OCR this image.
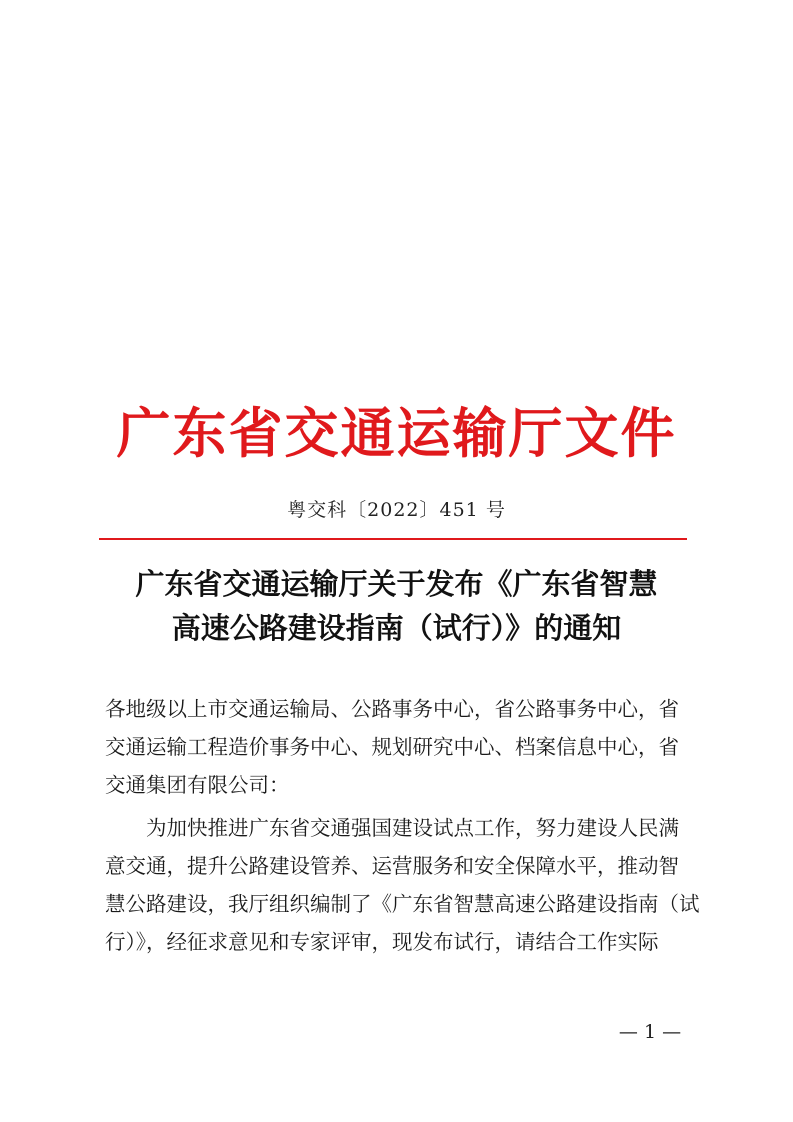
广东省交通运输厅文件
粤交科〔2022〕451 号
广东省交通运输厅关于发布《广东省智慧
高速公路建设指南（试行）》的通知
各地级以上市交通运输局、公路事务中心，省公路事务中心，省
交通运输工程造价事务中心、规划研究中心、档案信息中心，省
交通集团有限公司：
为加快推进广东省交通强国建设试点工作，努力建设人民满
意交通，提升公路建设管养、运营服务和安全保障水平，推动智
慧公路建设，我厅组织编制了《广东省智慧高速公路建设指南（试
行）》，经征求意见和专家评审，现发布试行，请结合工作实际
— 1 —
